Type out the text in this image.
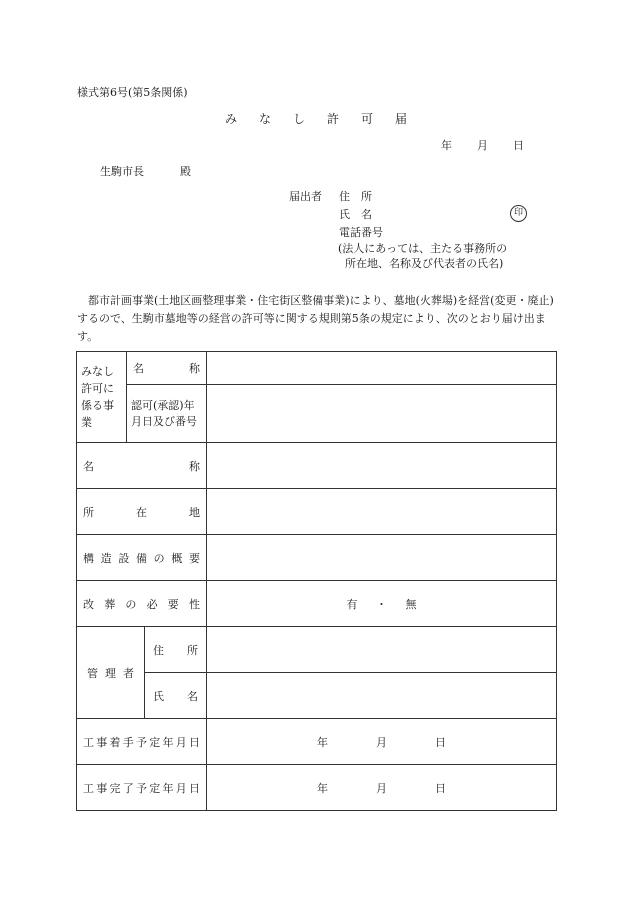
様式第6号(第5条関係)
みなし許可届
年 月 日
生駒市長	殿
届出者	住　所
氏　名
電話番号
印
(法人にあっては、主たる事務所の
所在地、名称及び代表者の氏名)

都市計画事業(土地区画整理事業・住宅街区整備事業)により、墓地(火葬場)を経営(変更・廃止)するので、生駒市墓地等の経営の許可等に関する規則第5条の規定により、次のとおり届け出ます。

みなし許可に係る事業	名称		
	認可(承認)年月日及び番号		
名称			
所在地			
構造設備の概要			
改葬の必要性			有 ・ 無
管理者		住所	
		氏名	
工事着手予定年月日			年 月 日
工事完了予定年月日			年 月 日
